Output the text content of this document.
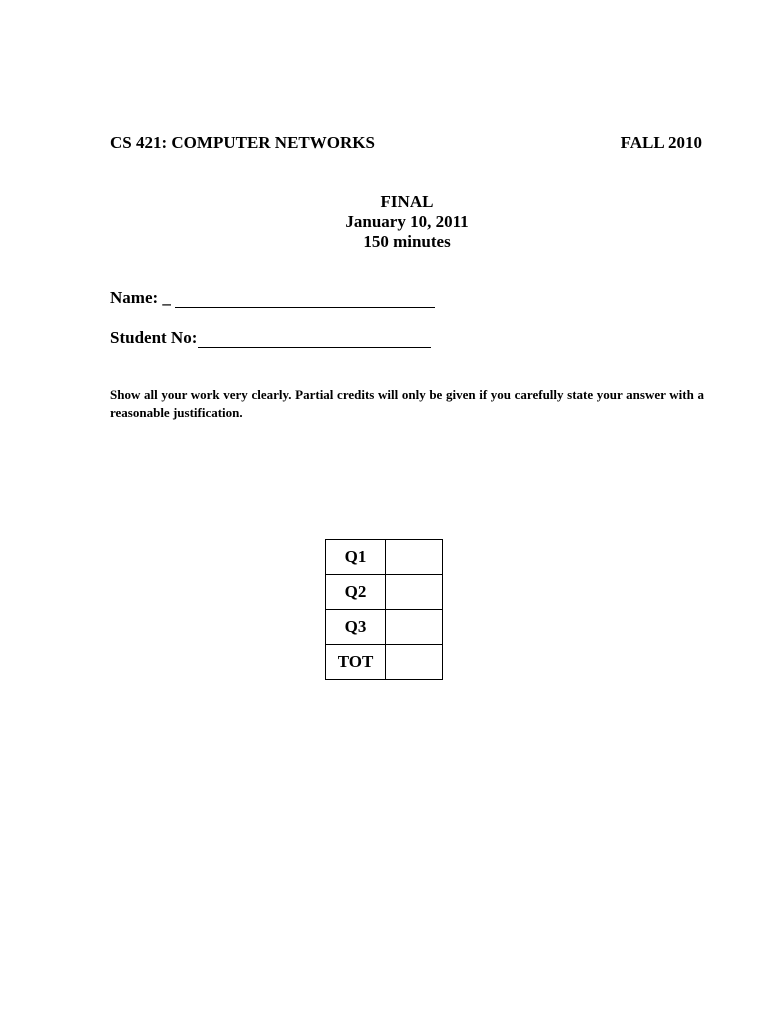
CS 421: COMPUTER NETWORKS	FALL 2010
FINAL
January 10, 2011
150 minutes
Name: _
Student No:
Show all your work very clearly. Partial credits will only be given if you carefully state your answer with a reasonable justification.
Q1	
Q2	
Q3	
TOT	
